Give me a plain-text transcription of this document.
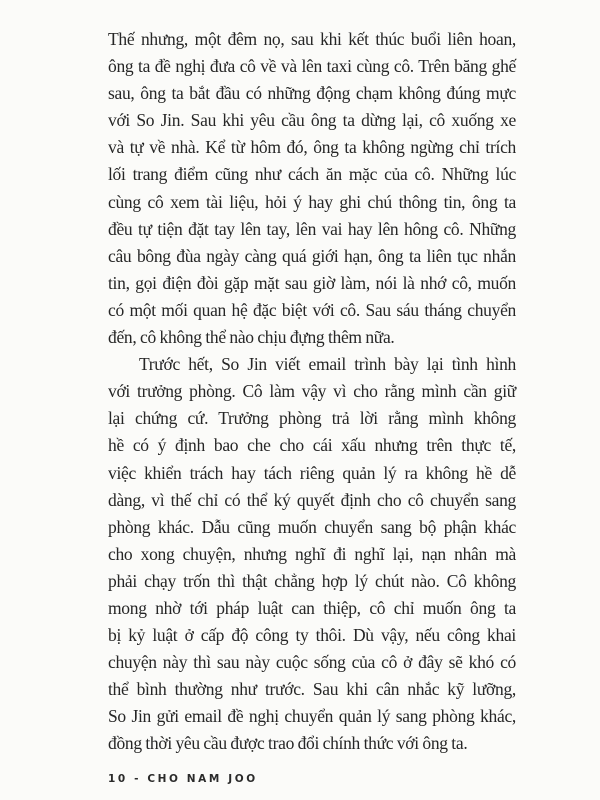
Thế nhưng, một đêm nọ, sau khi kết thúc buổi liên hoan,
ông ta đề nghị đưa cô về và lên taxi cùng cô. Trên băng ghế
sau, ông ta bắt đầu có những động chạm không đúng mực
với So Jin. Sau khi yêu cầu ông ta dừng lại, cô xuống xe
và tự về nhà. Kể từ hôm đó, ông ta không ngừng chỉ trích
lối trang điểm cũng như cách ăn mặc của cô. Những lúc
cùng cô xem tài liệu, hỏi ý hay ghi chú thông tin, ông ta
đều tự tiện đặt tay lên tay, lên vai hay lên hông cô. Những
câu bông đùa ngày càng quá giới hạn, ông ta liên tục nhắn
tin, gọi điện đòi gặp mặt sau giờ làm, nói là nhớ cô, muốn
có một mối quan hệ đặc biệt với cô. Sau sáu tháng chuyển
đến, cô không thể nào chịu đựng thêm nữa.
Trước hết, So Jin viết email trình bày lại tình hình
với trưởng phòng. Cô làm vậy vì cho rằng mình cần giữ
lại chứng cứ. Trưởng phòng trả lời rằng mình không
hề có ý định bao che cho cái xấu nhưng trên thực tế,
việc khiển trách hay tách riêng quản lý ra không hề dễ
dàng, vì thế chỉ có thể ký quyết định cho cô chuyển sang
phòng khác. Dẫu cũng muốn chuyển sang bộ phận khác
cho xong chuyện, nhưng nghĩ đi nghĩ lại, nạn nhân mà
phải chạy trốn thì thật chẳng hợp lý chút nào. Cô không
mong nhờ tới pháp luật can thiệp, cô chỉ muốn ông ta
bị kỷ luật ở cấp độ công ty thôi. Dù vậy, nếu công khai
chuyện này thì sau này cuộc sống của cô ở đây sẽ khó có
thể bình thường như trước. Sau khi cân nhắc kỹ lưỡng,
So Jin gửi email đề nghị chuyển quản lý sang phòng khác,
đồng thời yêu cầu được trao đổi chính thức với ông ta.
10 - CHO NAM JOO
